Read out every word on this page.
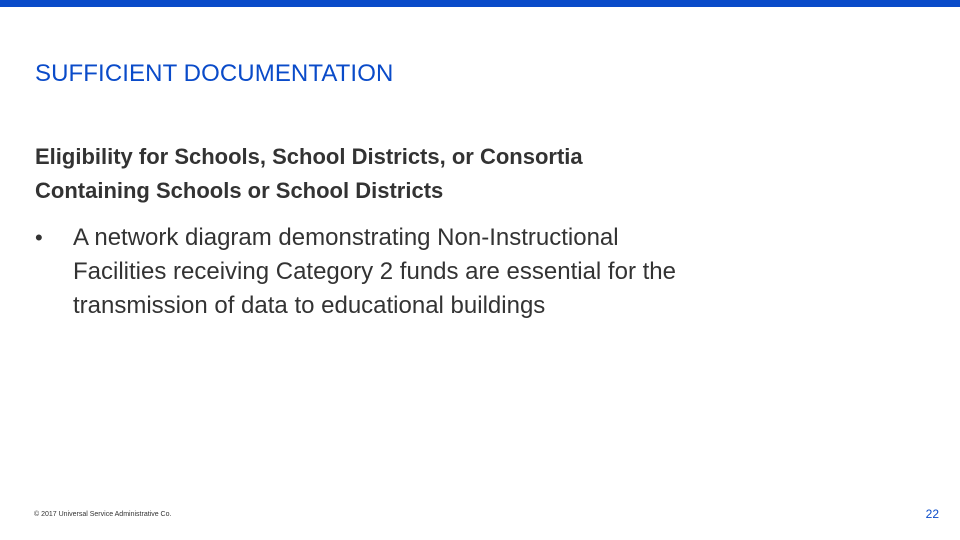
SUFFICIENT DOCUMENTATION
Eligibility for Schools, School Districts, or Consortia
Containing Schools or School Districts
• A network diagram demonstrating Non-Instructional
Facilities receiving Category 2 funds are essential for the
transmission of data to educational buildings
© 2017 Universal Service Administrative Co.	22
